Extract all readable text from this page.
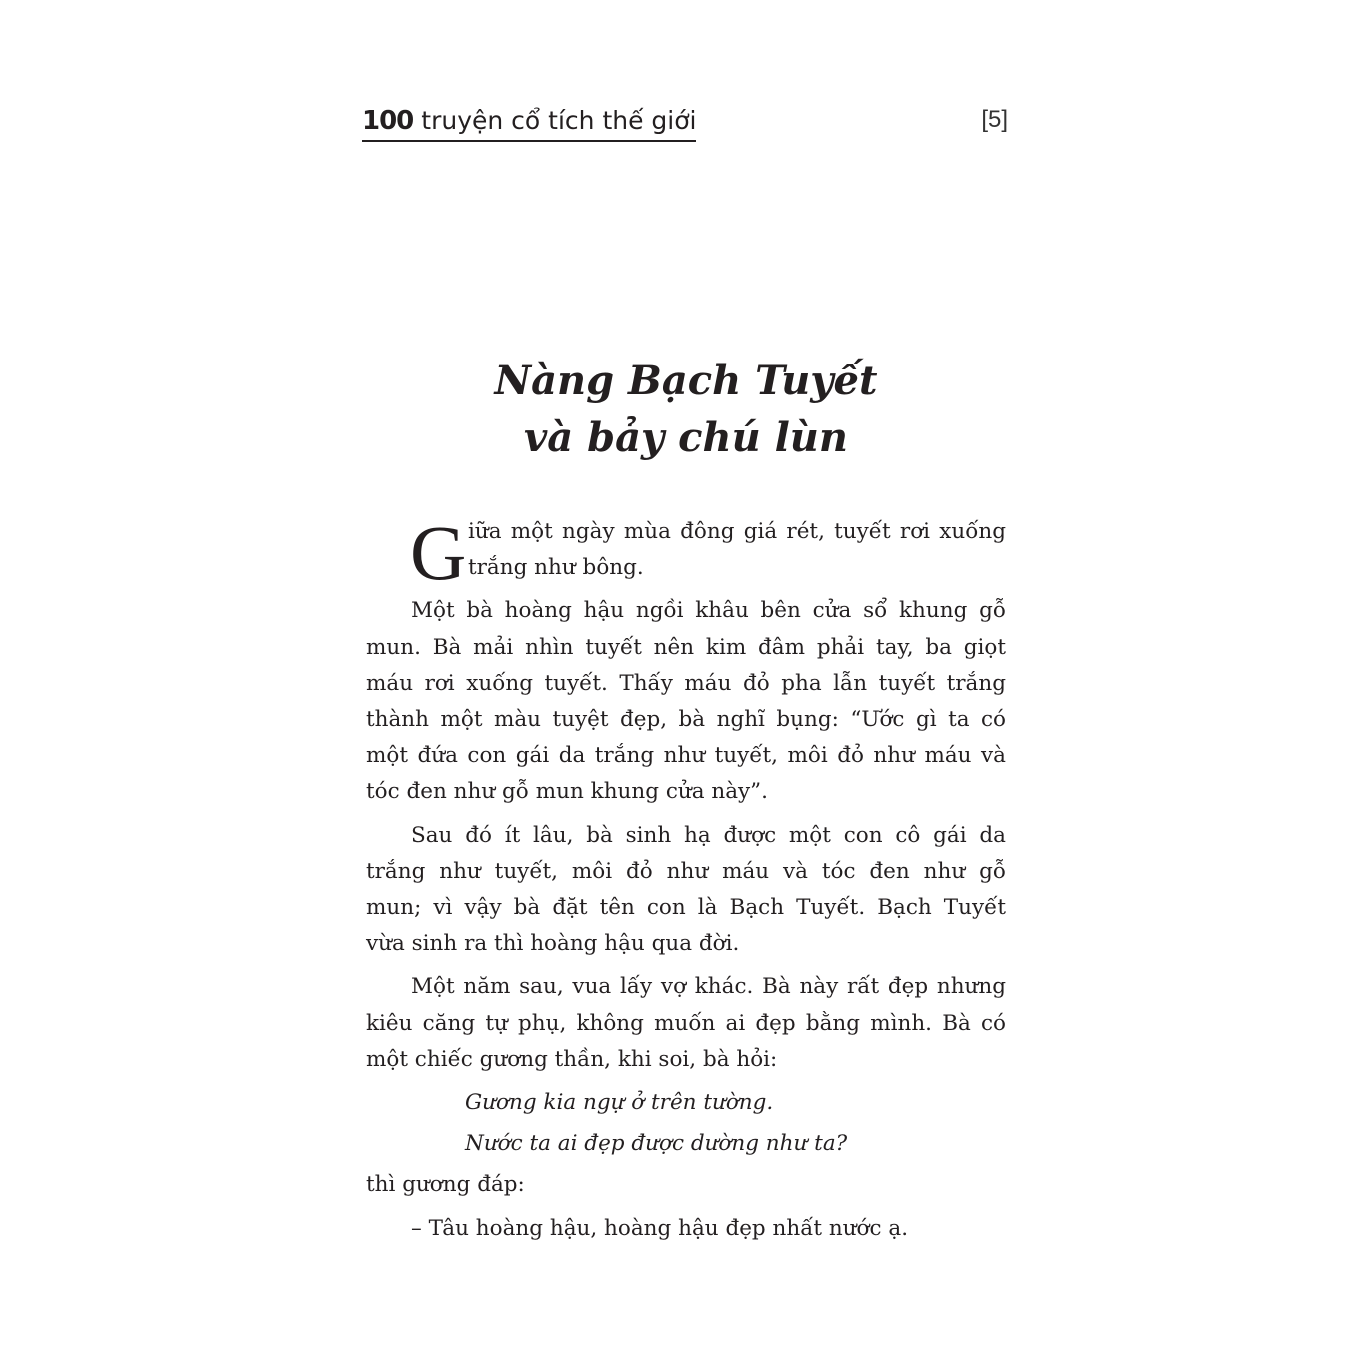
100 truyện cổ tích thế giới	[5]
Nàng Bạch Tuyết
và bảy chú lùn
G iữa một ngày mùa đông giá rét, tuyết rơi xuống
trắng như bông.
Một bà hoàng hậu ngồi khâu bên cửa sổ khung gỗ
mun. Bà mải nhìn tuyết nên kim đâm phải tay, ba giọt
máu rơi xuống tuyết. Thấy máu đỏ pha lẫn tuyết trắng
thành một màu tuyệt đẹp, bà nghĩ bụng: “Ước gì ta có
một đứa con gái da trắng như tuyết, môi đỏ như máu và
tóc đen như gỗ mun khung cửa này”.
Sau đó ít lâu, bà sinh hạ được một con cô gái da
trắng như tuyết, môi đỏ như máu và tóc đen như gỗ
mun; vì vậy bà đặt tên con là Bạch Tuyết. Bạch Tuyết
vừa sinh ra thì hoàng hậu qua đời.
Một năm sau, vua lấy vợ khác. Bà này rất đẹp nhưng
kiêu căng tự phụ, không muốn ai đẹp bằng mình. Bà có
một chiếc gương thần, khi soi, bà hỏi:
Gương kia ngự ở trên tường.
Nước ta ai đẹp được dường như ta?
thì gương đáp:
– Tâu hoàng hậu, hoàng hậu đẹp nhất nước ạ.
